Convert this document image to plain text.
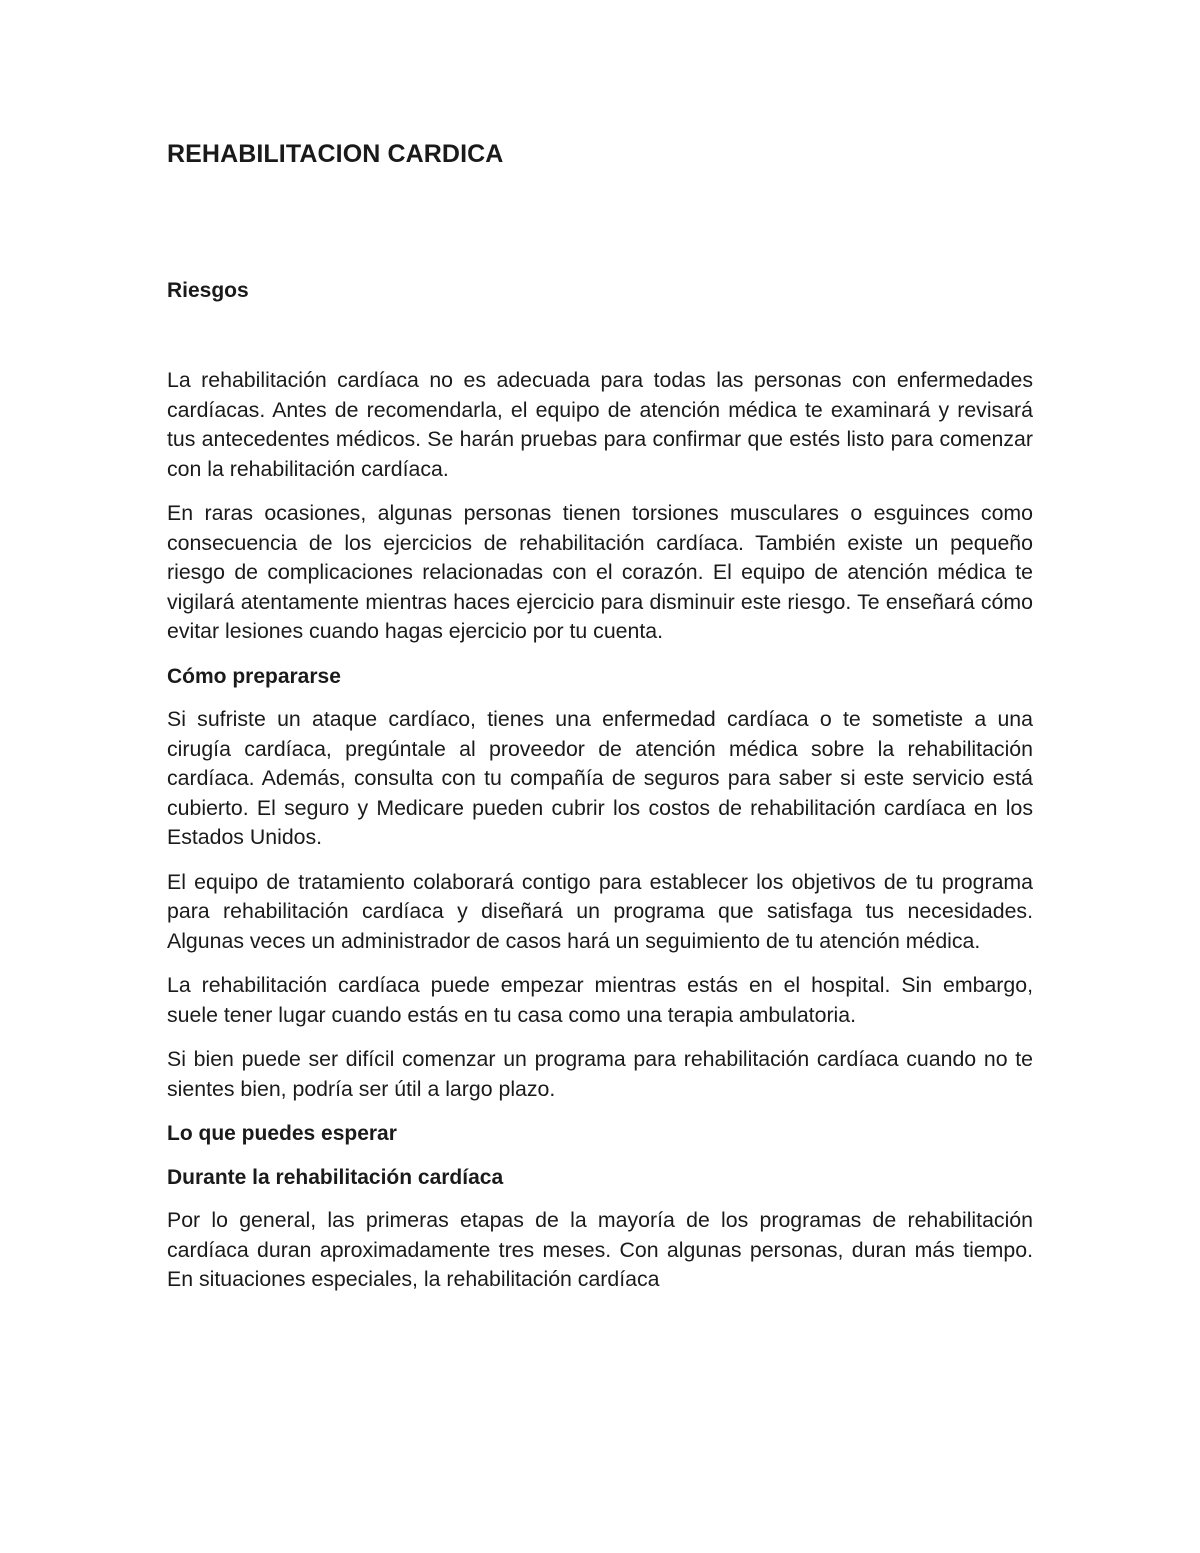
REHABILITACION CARDICA
Riesgos

La rehabilitación cardíaca no es adecuada para todas las personas con enfermedades cardíacas. Antes de recomendarla, el equipo de atención médica te examinará y revisará tus antecedentes médicos. Se harán pruebas para confirmar que estés listo para comenzar con la rehabilitación cardíaca.

En raras ocasiones, algunas personas tienen torsiones musculares o esguinces como consecuencia de los ejercicios de rehabilitación cardíaca. También existe un pequeño riesgo de complicaciones relacionadas con el corazón. El equipo de atención médica te vigilará atentamente mientras haces ejercicio para disminuir este riesgo. Te enseñará cómo evitar lesiones cuando hagas ejercicio por tu cuenta.

Cómo prepararse

Si sufriste un ataque cardíaco, tienes una enfermedad cardíaca o te sometiste a una cirugía cardíaca, pregúntale al proveedor de atención médica sobre la rehabilitación cardíaca. Además, consulta con tu compañía de seguros para saber si este servicio está cubierto. El seguro y Medicare pueden cubrir los costos de rehabilitación cardíaca en los Estados Unidos.

El equipo de tratamiento colaborará contigo para establecer los objetivos de tu programa para rehabilitación cardíaca y diseñará un programa que satisfaga tus necesidades. Algunas veces un administrador de casos hará un seguimiento de tu atención médica.

La rehabilitación cardíaca puede empezar mientras estás en el hospital. Sin embargo, suele tener lugar cuando estás en tu casa como una terapia ambulatoria.

Si bien puede ser difícil comenzar un programa para rehabilitación cardíaca cuando no te sientes bien, podría ser útil a largo plazo.

Lo que puedes esperar
Durante la rehabilitación cardíaca

Por lo general, las primeras etapas de la mayoría de los programas de rehabilitación cardíaca duran aproximadamente tres meses. Con algunas personas, duran más tiempo. En situaciones especiales, la rehabilitación cardíaca
